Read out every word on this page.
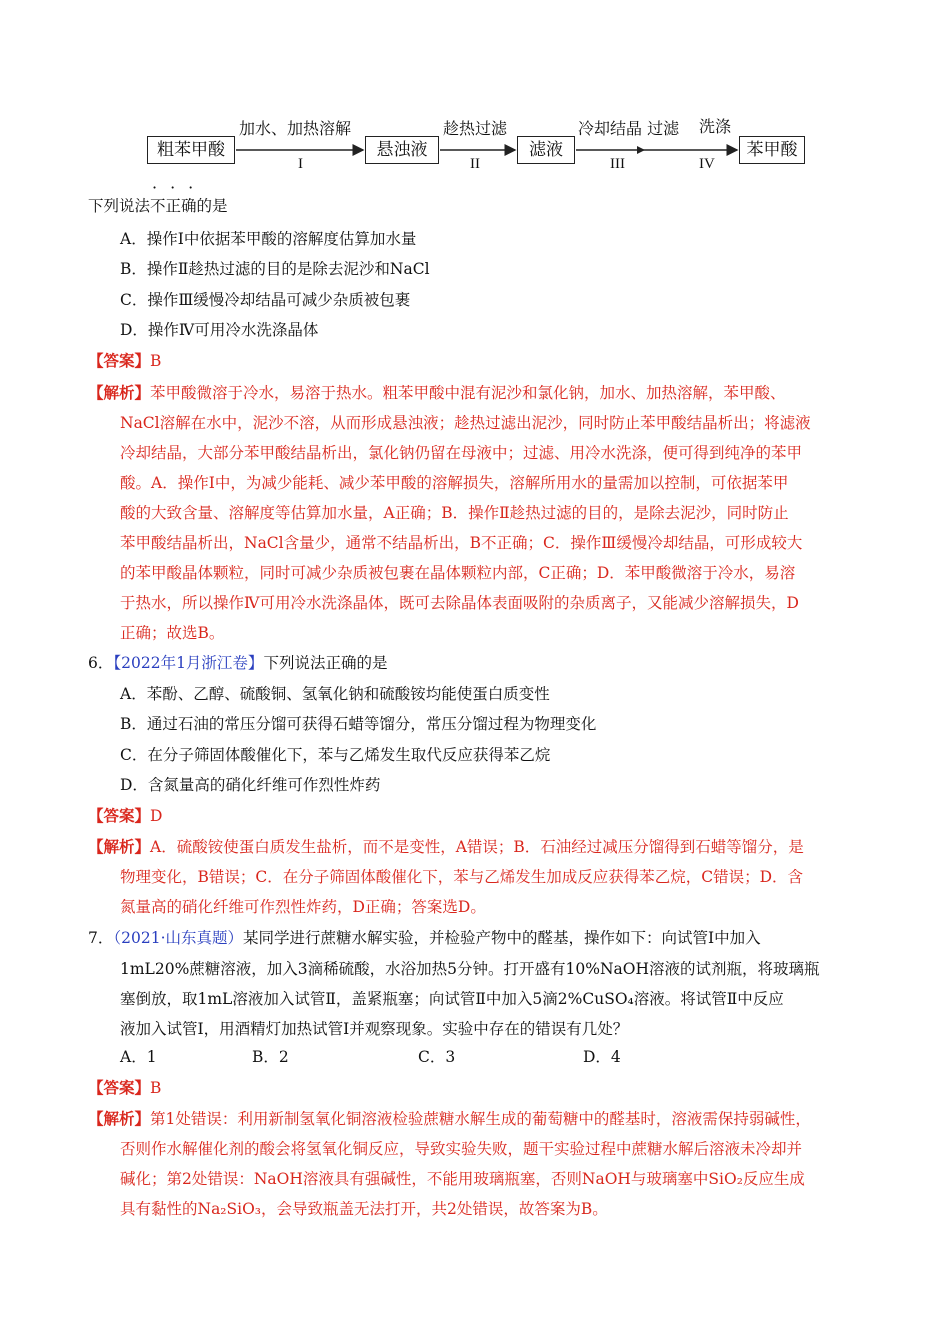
粗苯甲酸	悬浊液	滤液	苯甲酸
加水、加热溶解
I
趁热过滤
II
冷却结晶 过滤
III
洗涤
IV
···
下列说法不正确的是
A．操作Ⅰ中依据苯甲酸的溶解度估算加水量
B．操作Ⅱ趁热过滤的目的是除去泥沙和NaCl
C．操作Ⅲ缓慢冷却结晶可减少杂质被包裹
D．操作Ⅳ可用冷水洗涤晶体
【答案】B
【解析】苯甲酸微溶于冷水，易溶于热水。粗苯甲酸中混有泥沙和氯化钠，加水、加热溶解，苯甲酸、
NaCl溶解在水中，泥沙不溶，从而形成悬浊液；趁热过滤出泥沙，同时防止苯甲酸结晶析出；将滤液
冷却结晶，大部分苯甲酸结晶析出，氯化钠仍留在母液中；过滤、用冷水洗涤，便可得到纯净的苯甲
酸。A．操作Ⅰ中，为减少能耗、减少苯甲酸的溶解损失，溶解所用水的量需加以控制，可依据苯甲
酸的大致含量、溶解度等估算加水量，A正确；B．操作Ⅱ趁热过滤的目的，是除去泥沙，同时防止
苯甲酸结晶析出，NaCl含量少，通常不结晶析出，B不正确；C．操作Ⅲ缓慢冷却结晶，可形成较大
的苯甲酸晶体颗粒，同时可减少杂质被包裹在晶体颗粒内部，C正确；D．苯甲酸微溶于冷水，易溶
于热水，所以操作Ⅳ可用冷水洗涤晶体，既可去除晶体表面吸附的杂质离子，又能减少溶解损失，D
正确；故选B。
6．【2022年1月浙江卷】下列说法正确的是
A．苯酚、乙醇、硫酸铜、氢氧化钠和硫酸铵均能使蛋白质变性
B．通过石油的常压分馏可获得石蜡等馏分，常压分馏过程为物理变化
C．在分子筛固体酸催化下，苯与乙烯发生取代反应获得苯乙烷
D．含氮量高的硝化纤维可作烈性炸药
【答案】D
【解析】A．硫酸铵使蛋白质发生盐析，而不是变性，A错误；B．石油经过减压分馏得到石蜡等馏分，是
物理变化，B错误；C．在分子筛固体酸催化下，苯与乙烯发生加成反应获得苯乙烷，C错误；D．含
氮量高的硝化纤维可作烈性炸药，D正确；答案选D。
7．（2021·山东真题）某同学进行蔗糖水解实验，并检验产物中的醛基，操作如下：向试管Ⅰ中加入
1mL20%蔗糖溶液，加入3滴稀硫酸，水浴加热5分钟。打开盛有10%NaOH溶液的试剂瓶，将玻璃瓶
塞倒放，取1mL溶液加入试管Ⅱ，盖紧瓶塞；向试管Ⅱ中加入5滴2%CuSO₄溶液。将试管Ⅱ中反应
液加入试管Ⅰ，用酒精灯加热试管Ⅰ并观察现象。实验中存在的错误有几处？
A．1	B．2	C．3	D．4
【答案】B
【解析】第1处错误：利用新制氢氧化铜溶液检验蔗糖水解生成的葡萄糖中的醛基时，溶液需保持弱碱性，
否则作水解催化剂的酸会将氢氧化铜反应，导致实验失败，题干实验过程中蔗糖水解后溶液未冷却并
碱化；第2处错误：NaOH溶液具有强碱性，不能用玻璃瓶塞，否则NaOH与玻璃塞中SiO₂反应生成
具有黏性的Na₂SiO₃，会导致瓶盖无法打开，共2处错误，故答案为B。
